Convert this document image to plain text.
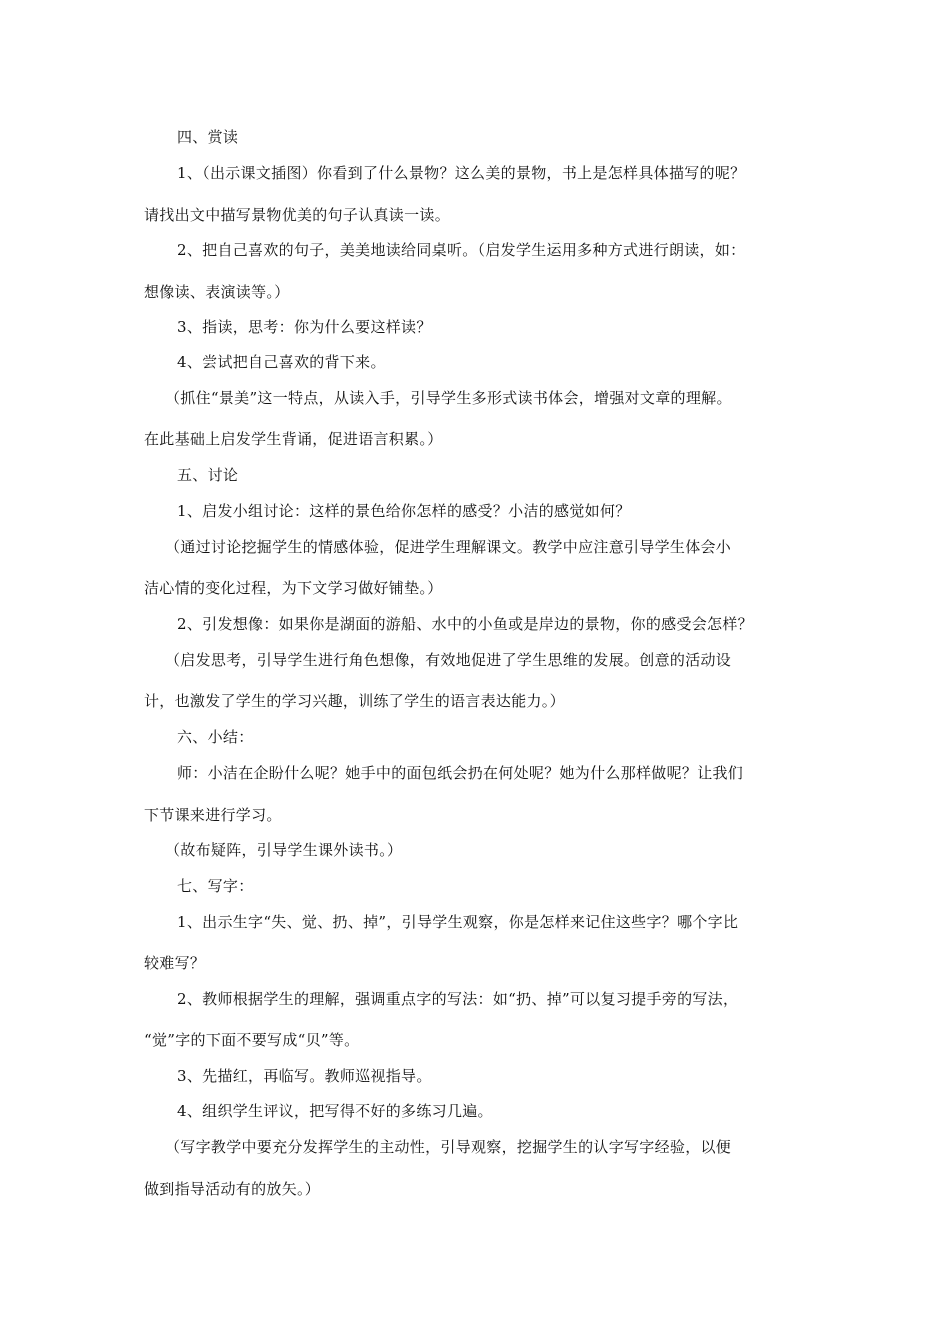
四、赏读
1、（出示课文插图）你看到了什么景物？这么美的景物，书上是怎样具体描写的呢？
请找出文中描写景物优美的句子认真读一读。
2、把自己喜欢的句子，美美地读给同桌听。（启发学生运用多种方式进行朗读，如：
想像读、表演读等。）
3、指读，思考：你为什么要这样读？
4、尝试把自己喜欢的背下来。
（抓住“景美”这一特点，从读入手，引导学生多形式读书体会，增强对文章的理解。
在此基础上启发学生背诵，促进语言积累。）
五、讨论
1、启发小组讨论：这样的景色给你怎样的感受？小洁的感觉如何？
（通过讨论挖掘学生的情感体验，促进学生理解课文。教学中应注意引导学生体会小
洁心情的变化过程，为下文学习做好铺垫。）
2、引发想像：如果你是湖面的游船、水中的小鱼或是岸边的景物，你的感受会怎样？
（启发思考，引导学生进行角色想像，有效地促进了学生思维的发展。创意的活动设
计，也激发了学生的学习兴趣，训练了学生的语言表达能力。）
六、小结：
师：小洁在企盼什么呢？她手中的面包纸会扔在何处呢？她为什么那样做呢？让我们
下节课来进行学习。
（故布疑阵，引导学生课外读书。）
七、写字：
1、出示生字“失、觉、扔、掉”，引导学生观察，你是怎样来记住这些字？哪个字比
较难写？
2、教师根据学生的理解，强调重点字的写法：如“扔、掉”可以复习提手旁的写法，
“觉”字的下面不要写成“贝”等。
3、先描红，再临写。教师巡视指导。
4、组织学生评议，把写得不好的多练习几遍。
（写字教学中要充分发挥学生的主动性，引导观察，挖掘学生的认字写字经验，以便
做到指导活动有的放矢。）
